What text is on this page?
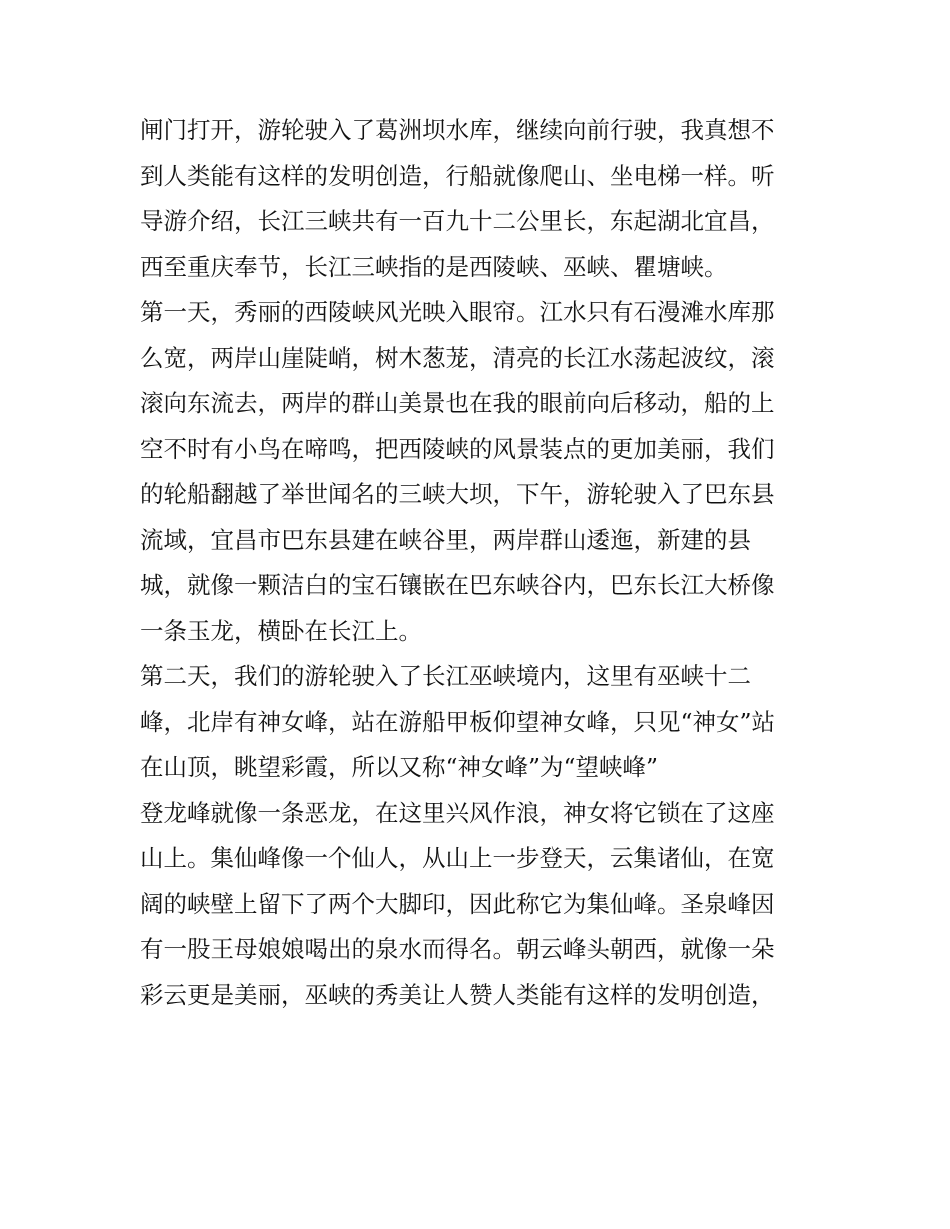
闸门打开，游轮驶入了葛洲坝水库，继续向前行驶，我真想不
到人类能有这样的发明创造，行船就像爬山、坐电梯一样。听
导游介绍，长江三峡共有一百九十二公里长，东起湖北宜昌，
西至重庆奉节，长江三峡指的是西陵峡、巫峡、瞿塘峡。
第一天，秀丽的西陵峡风光映入眼帘。江水只有石漫滩水库那
么宽，两岸山崖陡峭，树木葱茏，清亮的长江水荡起波纹，滚
滚向东流去，两岸的群山美景也在我的眼前向后移动，船的上
空不时有小鸟在啼鸣，把西陵峡的风景装点的更加美丽，我们
的轮船翻越了举世闻名的三峡大坝，下午，游轮驶入了巴东县
流域，宜昌市巴东县建在峡谷里，两岸群山逶迤，新建的县
城，就像一颗洁白的宝石镶嵌在巴东峡谷内，巴东长江大桥像
一条玉龙，横卧在长江上。
第二天，我们的游轮驶入了长江巫峡境内，这里有巫峡十二
峰，北岸有神女峰，站在游船甲板仰望神女峰，只见“神女”站
在山顶，眺望彩霞，所以又称“神女峰”为“望峡峰”
登龙峰就像一条恶龙，在这里兴风作浪，神女将它锁在了这座
山上。集仙峰像一个仙人，从山上一步登天，云集诸仙，在宽
阔的峡壁上留下了两个大脚印，因此称它为集仙峰。圣泉峰因
有一股王母娘娘喝出的泉水而得名。朝云峰头朝西，就像一朵
彩云更是美丽，巫峡的秀美让人赞人类能有这样的发明创造，
